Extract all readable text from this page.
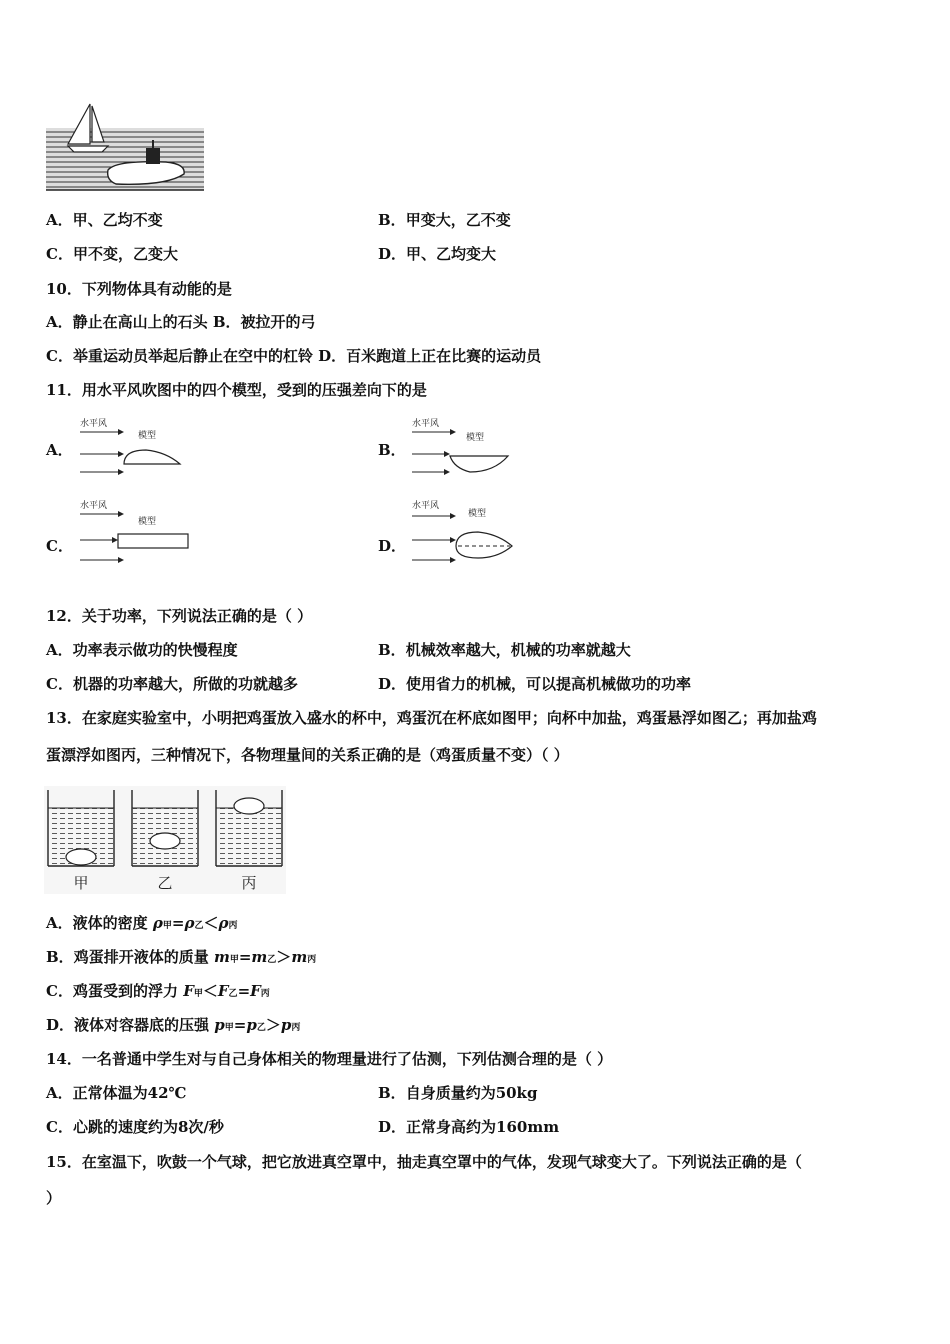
A．甲、乙均不变	B．甲变大，乙不变
C．甲不变，乙变大	D．甲、乙均变大
10．下列物体具有动能的是
A．静止在高山上的石头 B．被拉开的弓
C．举重运动员举起后静止在空中的杠铃 D．百米跑道上正在比赛的运动员
11．用水平风吹图中的四个模型，受到的压强差向下的是
A．
水平风
模型
B．
水平风
模型
C．
水平风
模型
D．
水平风
模型
12．关于功率，下列说法正确的是（ ）
A．功率表示做功的快慢程度	B．机械效率越大，机械的功率就越大
C．机器的功率越大，所做的功就越多	D．使用省力的机械，可以提高机械做功的功率
13．在家庭实验室中，小明把鸡蛋放入盛水的杯中，鸡蛋沉在杯底如图甲；向杯中加盐，鸡蛋悬浮如图乙；再加盐鸡
蛋漂浮如图丙，三种情况下，各物理量间的关系正确的是（鸡蛋质量不变）（ ）
甲	乙	丙
A．液体的密度 ρ甲=ρ乙＜ρ丙
B．鸡蛋排开液体的质量 m甲=m乙＞m丙
C．鸡蛋受到的浮力 F甲＜F乙=F丙
D．液体对容器底的压强 p甲=p乙＞p丙
14．一名普通中学生对与自己身体相关的物理量进行了估测，下列估测合理的是（ ）
A．正常体温为42℃	B．自身质量约为50kg
C．心跳的速度约为8次/秒	D．正常身高约为160mm
15．在室温下，吹鼓一个气球，把它放进真空罩中，抽走真空罩中的气体，发现气球变大了。下列说法正确的是（
）
